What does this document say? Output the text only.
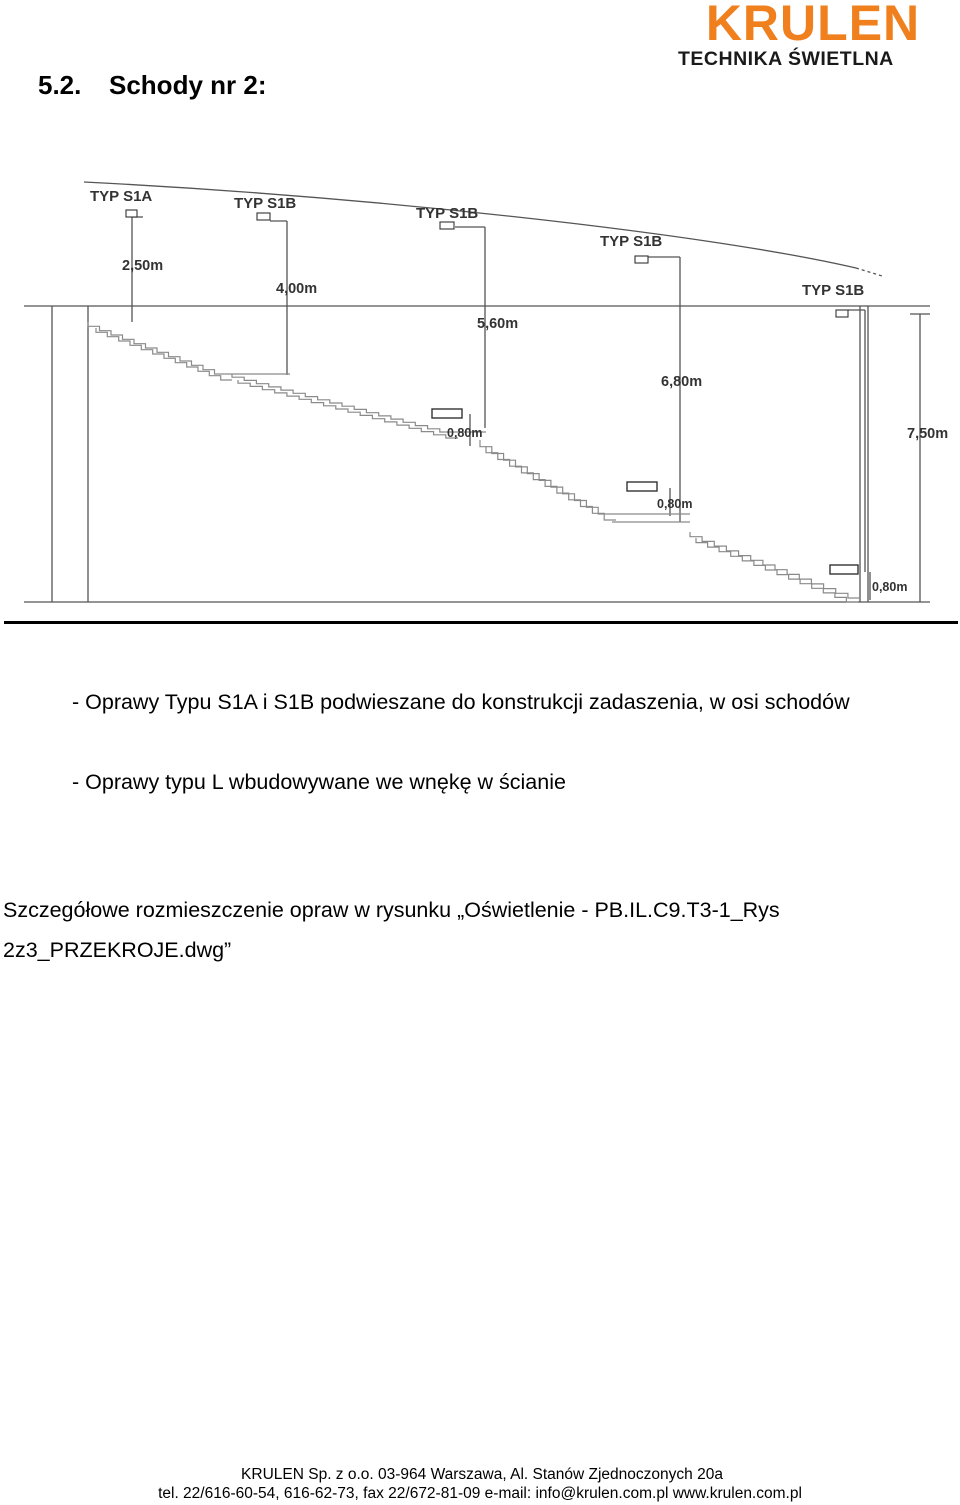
KRULEN
TECHNIKA ŚWIETLNA
5.2. Schody nr 2:
TYP S1A	TYP S1B
TYP S1B
TYP S1B
TYP S1B
2,50m
4,00m
5,60m
6,80m
7,50m
0,80m
0,80m
0,80m
- Oprawy Typu S1A i S1B podwieszane do konstrukcji zadaszenia, w osi schodów
- Oprawy typu L wbudowywane we wnękę w ścianie
Szczegółowe rozmieszczenie opraw w rysunku „Oświetlenie - PB.IL.C9.T3-1_Rys 2z3_PRZEKROJE.dwg”
KRULEN Sp. z o.o. 03-964 Warszawa, Al. Stanów Zjednoczonych 20a
tel. 22/616-60-54, 616-62-73, fax 22/672-81-09 e-mail: info@krulen.com.pl www.krulen.com.pl
